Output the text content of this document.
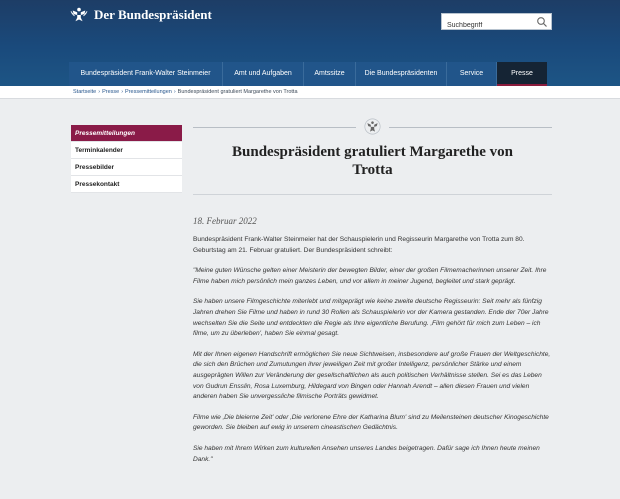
Der Bundespräsident
Suchbegriff
Bundespräsident Frank-Walter Steinmeier	Amt und Aufgaben	Amtssitze	Die Bundespräsidenten	Service	Presse
Startseite › Presse › Pressemitteilungen › Bundespräsident gratuliert Margarethe von Trotta
Pressemitteilungen
Terminkalender
Pressebilder
Pressekontakt
Bundespräsident gratuliert Margarethe von Trotta
18. Februar 2022

Bundespräsident Frank-Walter Steinmeier hat der Schauspielerin und Regisseurin Margarethe von Trotta zum 80. Geburtstag am 21. Februar gratuliert. Der Bundespräsident schreibt:

"Meine guten Wünsche gelten einer Meisterin der bewegten Bilder, einer der großen Filmemacherinnen unserer Zeit. Ihre Filme haben mich persönlich mein ganzes Leben, und vor allem in meiner Jugend, begleitet und stark geprägt.

Sie haben unsere Filmgeschichte miterlebt und mitgeprägt wie keine zweite deutsche Regisseurin: Seit mehr als fünfzig Jahren drehen Sie Filme und haben in rund 30 Rollen als Schauspielerin vor der Kamera gestanden. Ende der 70er Jahre wechselten Sie die Seite und entdeckten die Regie als Ihre eigentliche Berufung. ‚Film gehört für mich zum Leben – ich filme, um zu überleben', haben Sie einmal gesagt.

Mit der Ihnen eigenen Handschrift ermöglichen Sie neue Sichtweisen, insbesondere auf große Frauen der Weltgeschichte, die sich den Brüchen und Zumutungen ihrer jeweiligen Zeit mit großer Intelligenz, persönlicher Stärke und einem ausgeprägten Willen zur Veränderung der gesellschaftlichen als auch politischen Verhältnisse stellen. Sei es das Leben von Gudrun Ensslin, Rosa Luxemburg, Hildegard von Bingen oder Hannah Arendt – allen diesen Frauen und vielen anderen haben Sie unvergessliche filmische Porträts gewidmet.

Filme wie ‚Die bleierne Zeit' oder ‚Die verlorene Ehre der Katharina Blum' sind zu Meilensteinen deutscher Kinogeschichte geworden. Sie bleiben auf ewig in unserem cineastischen Gedächtnis.

Sie haben mit Ihrem Wirken zum kulturellen Ansehen unseres Landes beigetragen. Dafür sage ich Ihnen heute meinen Dank."
